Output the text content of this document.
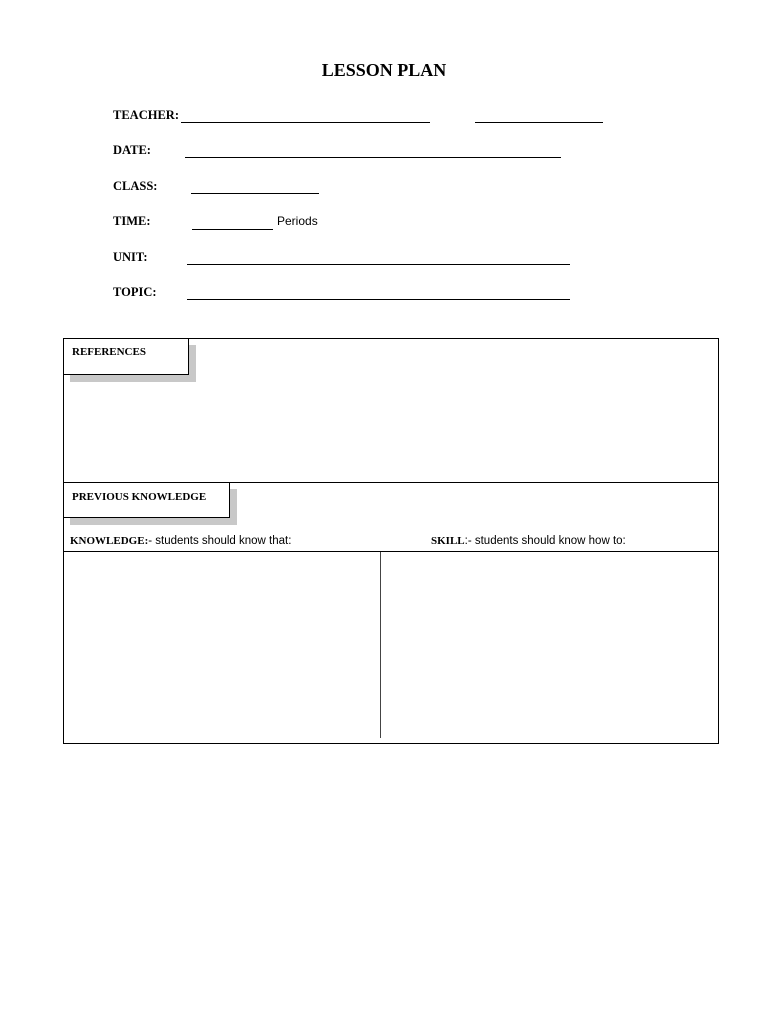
LESSON PLAN
TEACHER:
DATE:
CLASS:
TIME:	Periods
UNIT:
TOPIC:
REFERENCES
PREVIOUS KNOWLEDGE
KNOWLEDGE:- students should know that:	SKILL:- students should know how to:
